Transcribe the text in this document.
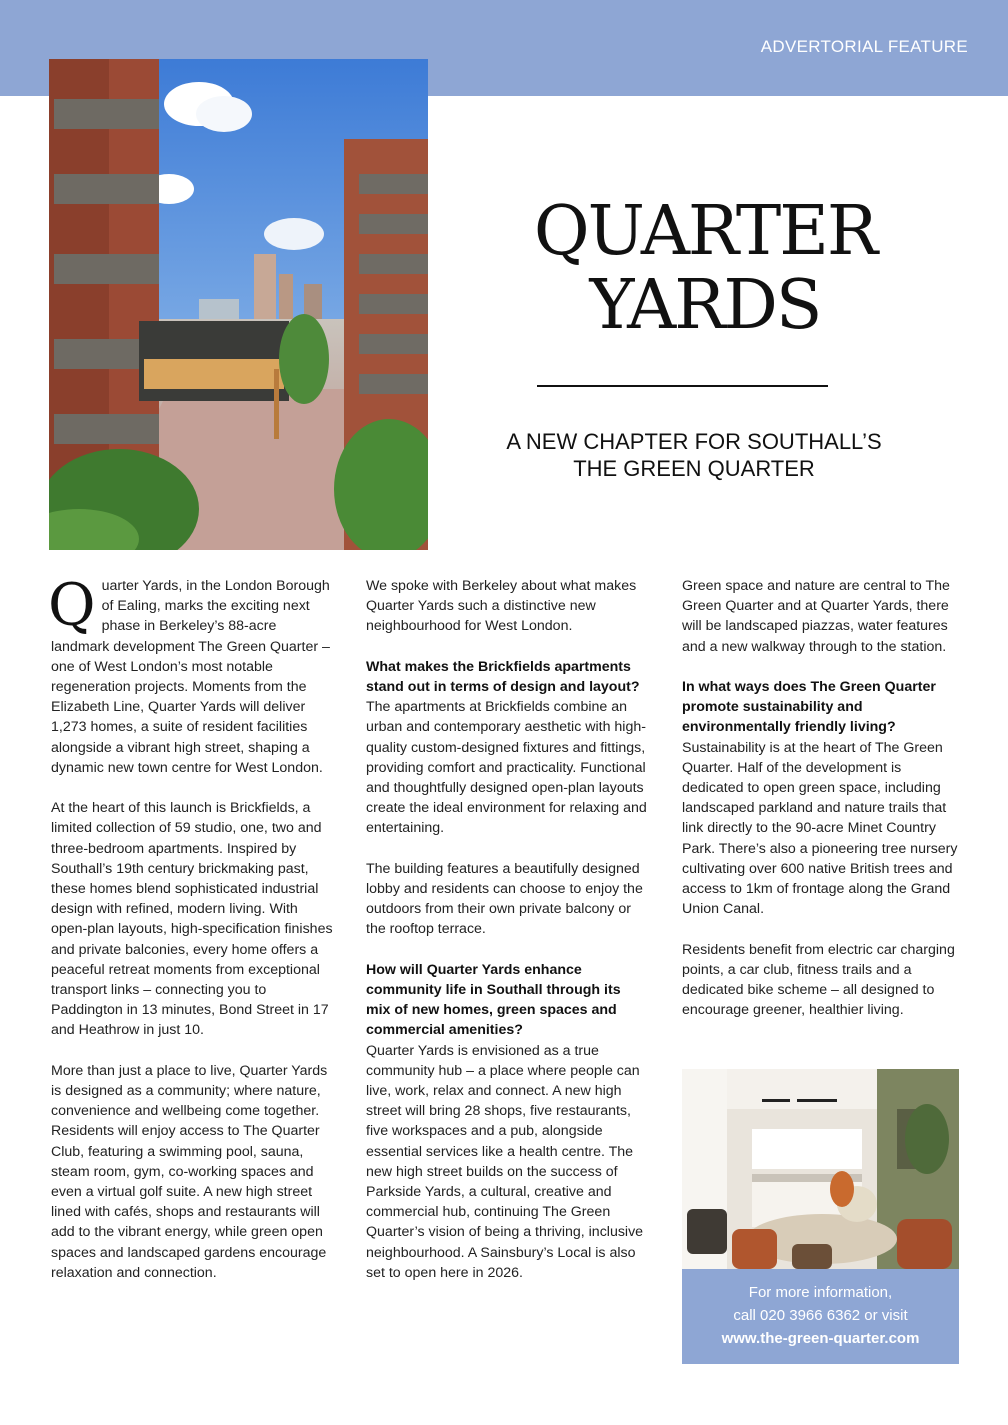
ADVERTORIAL FEATURE
QUARTER
YARDS
A NEW CHAPTER FOR SOUTHALL’S
THE GREEN QUARTER

Quarter Yards, in the London Borough of Ealing, marks the exciting next phase in Berkeley’s 88-acre landmark development The Green Quarter – one of West London’s most notable regeneration projects. Moments from the Elizabeth Line, Quarter Yards will deliver 1,273 homes, a suite of resident facilities alongside a vibrant high street, shaping a dynamic new town centre for West London.

At the heart of this launch is Brickfields, a limited collection of 59 studio, one, two and three-bedroom apartments. Inspired by Southall’s 19th century brickmaking past, these homes blend sophisticated industrial design with refined, modern living. With open-plan layouts, high-specification finishes and private balconies, every home offers a peaceful retreat moments from exceptional transport links – connecting you to Paddington in 13 minutes, Bond Street in 17 and Heathrow in just 10.

More than just a place to live, Quarter Yards is designed as a community; where nature, convenience and wellbeing come together. Residents will enjoy access to The Quarter Club, featuring a swimming pool, sauna, steam room, gym, co-working spaces and even a virtual golf suite. A new high street lined with cafés, shops and restaurants will add to the vibrant energy, while green open spaces and landscaped gardens encourage relaxation and connection.

We spoke with Berkeley about what makes Quarter Yards such a distinctive new neighbourhood for West London.

What makes the Brickfields apartments stand out in terms of design and layout?

The apartments at Brickfields combine an urban and contemporary aesthetic with high-quality custom-designed fixtures and fittings, providing comfort and practicality. Functional and thoughtfully designed open-plan layouts create the ideal environment for relaxing and entertaining.

The building features a beautifully designed lobby and residents can choose to enjoy the outdoors from their own private balcony or the rooftop terrace.

How will Quarter Yards enhance community life in Southall through its mix of new homes, green spaces and commercial amenities?

Quarter Yards is envisioned as a true community hub – a place where people can live, work, relax and connect. A new high street will bring 28 shops, five restaurants, five workspaces and a pub, alongside essential services like a health centre. The new high street builds on the success of Parkside Yards, a cultural, creative and commercial hub, continuing The Green Quarter’s vision of being a thriving, inclusive neighbourhood. A Sainsbury’s Local is also set to open here in 2026.

Green space and nature are central to The Green Quarter and at Quarter Yards, there will be landscaped piazzas, water features and a new walkway through to the station.

In what ways does The Green Quarter promote sustainability and environmentally friendly living?

Sustainability is at the heart of The Green Quarter. Half of the development is dedicated to open green space, including landscaped parkland and nature trails that link directly to the 90-acre Minet Country Park. There’s also a pioneering tree nursery cultivating over 600 native British trees and access to 1km of frontage along the Grand Union Canal.

Residents benefit from electric car charging points, a car club, fitness trails and a dedicated bike scheme – all designed to encourage greener, healthier living.

For more information,
call 020 3966 6362 or visit
www.the-green-quarter.com
